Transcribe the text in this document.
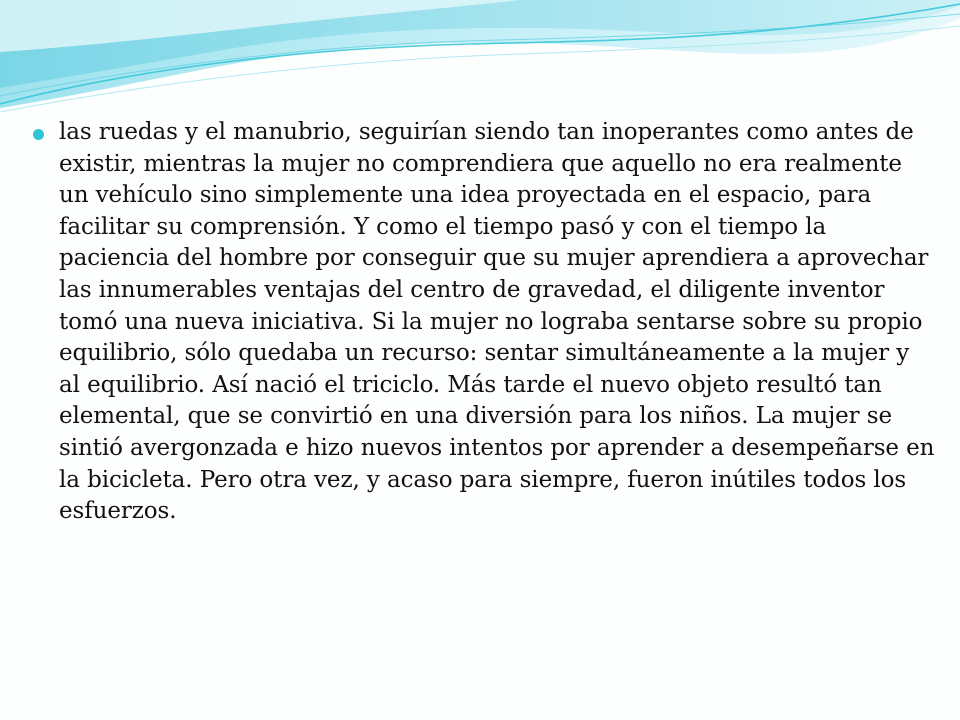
las ruedas y el manubrio, seguirían siendo tan inoperantes como antes de existir, mientras la mujer no comprendiera que aquello no era realmente un vehículo sino simplemente una idea proyectada en el espacio, para facilitar su comprensión. Y como el tiempo pasó y con el tiempo la paciencia del hombre por conseguir que su mujer aprendiera a aprovechar las innumerables ventajas del centro de gravedad, el diligente inventor tomó una nueva iniciativa. Si la mujer no lograba sentarse sobre su propio equilibrio, sólo quedaba un recurso: sentar simultáneamente a la mujer y al equilibrio. Así nació el triciclo. Más tarde el nuevo objeto resultó tan elemental, que se convirtió en una diversión para los niños. La mujer se sintió avergonzada e hizo nuevos intentos por aprender a desempeñarse en la bicicleta. Pero otra vez, y acaso para siempre, fueron inútiles todos los esfuerzos.
